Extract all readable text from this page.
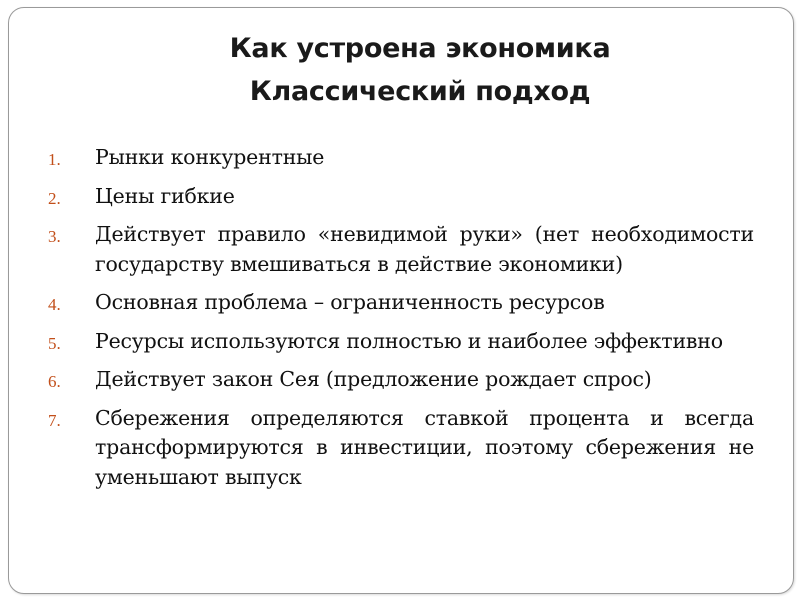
Как устроена экономика
Классический подход
1. Рынки конкурентные
2. Цены гибкие
3. Действует правило «невидимой руки» (нет необходимости государству вмешиваться в действие экономики)
4. Основная проблема – ограниченность ресурсов
5. Ресурсы используются полностью и наиболее эффективно
6. Действует закон Сея (предложение рождает спрос)
7. Сбережения определяются ставкой процента и всегда трансформируются в инвестиции, поэтому сбережения не уменьшают выпуск
